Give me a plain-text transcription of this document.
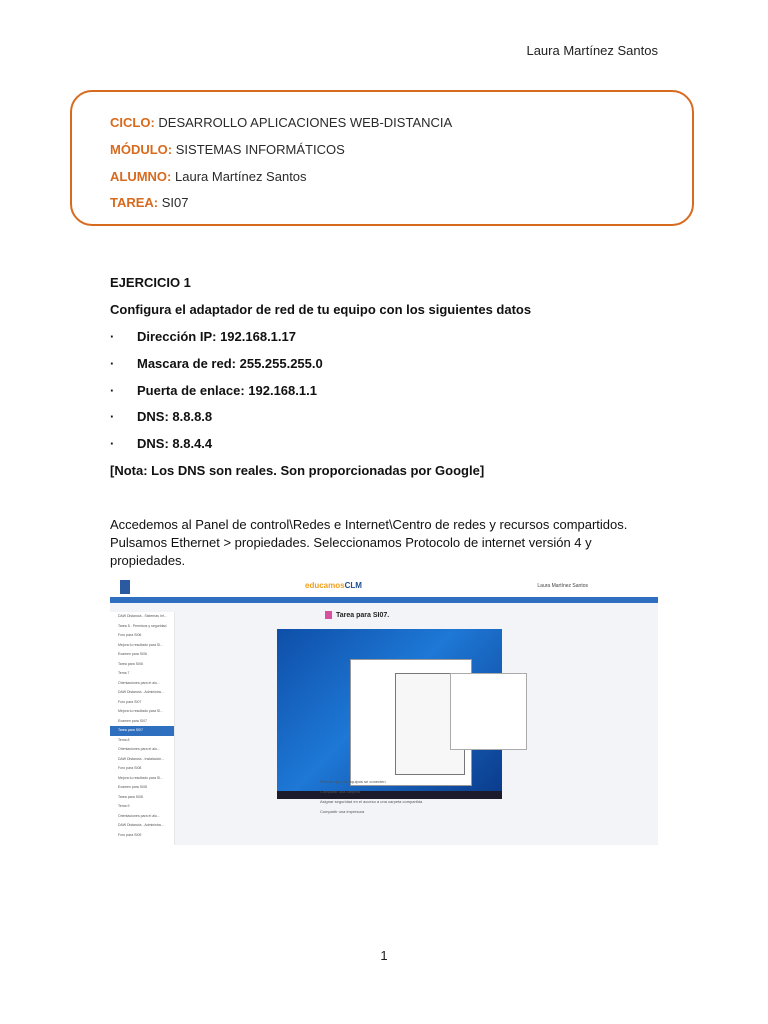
Laura Martínez Santos
CICLO: DESARROLLO APLICACIONES WEB-DISTANCIA
MÓDULO: SISTEMAS INFORMÁTICOS
ALUMNO: Laura Martínez Santos
TAREA: SI07
EJERCICIO 1
Configura el adaptador de red de tu equipo con los siguientes datos
· Dirección IP: 192.168.1.17
· Mascara de red: 255.255.255.0
· Puerta de enlace: 192.168.1.1
· DNS: 8.8.8.8
· DNS: 8.8.4.4
[Nota: Los DNS son reales. Son proporcionadas por Google]
Accedemos al Panel de control\Redes e Internet\Centro de redes y recursos compartidos. Pulsamos Ethernet > propiedades. Seleccionamos Protocolo de internet versión 4 y propiedades.
educamosCLM	Laura Martínez Santos
DAW Distancia - Sistemas Inf...
Tarea 5 - Permisos y seguridad
Foro para SI06
Mejora tu resultado para SI...
Examen para SI06
Tarea para SI06
Tema 7
Orientaciones para el alu...
DAW Distancia - Administra...
Foro para SI07
Mejora tu resultado para SI...
Examen para SI07
Tarea para SI07
Tema 8
Orientaciones para el alu...
DAW Distancia - Instalación...
Foro para SI08
Mejora tu resultado para SI...
Examen para SI08
Tarea para SI08
Tema 9
Orientaciones para el alu...
DAW Distancia - Administra...
Foro para SI09
Tarea para SI07.
Permite que los equipos se conecten
Compartir una carpeta
Asignar seguridad en el acceso a una carpeta compartida
Compartir una impresora
1
